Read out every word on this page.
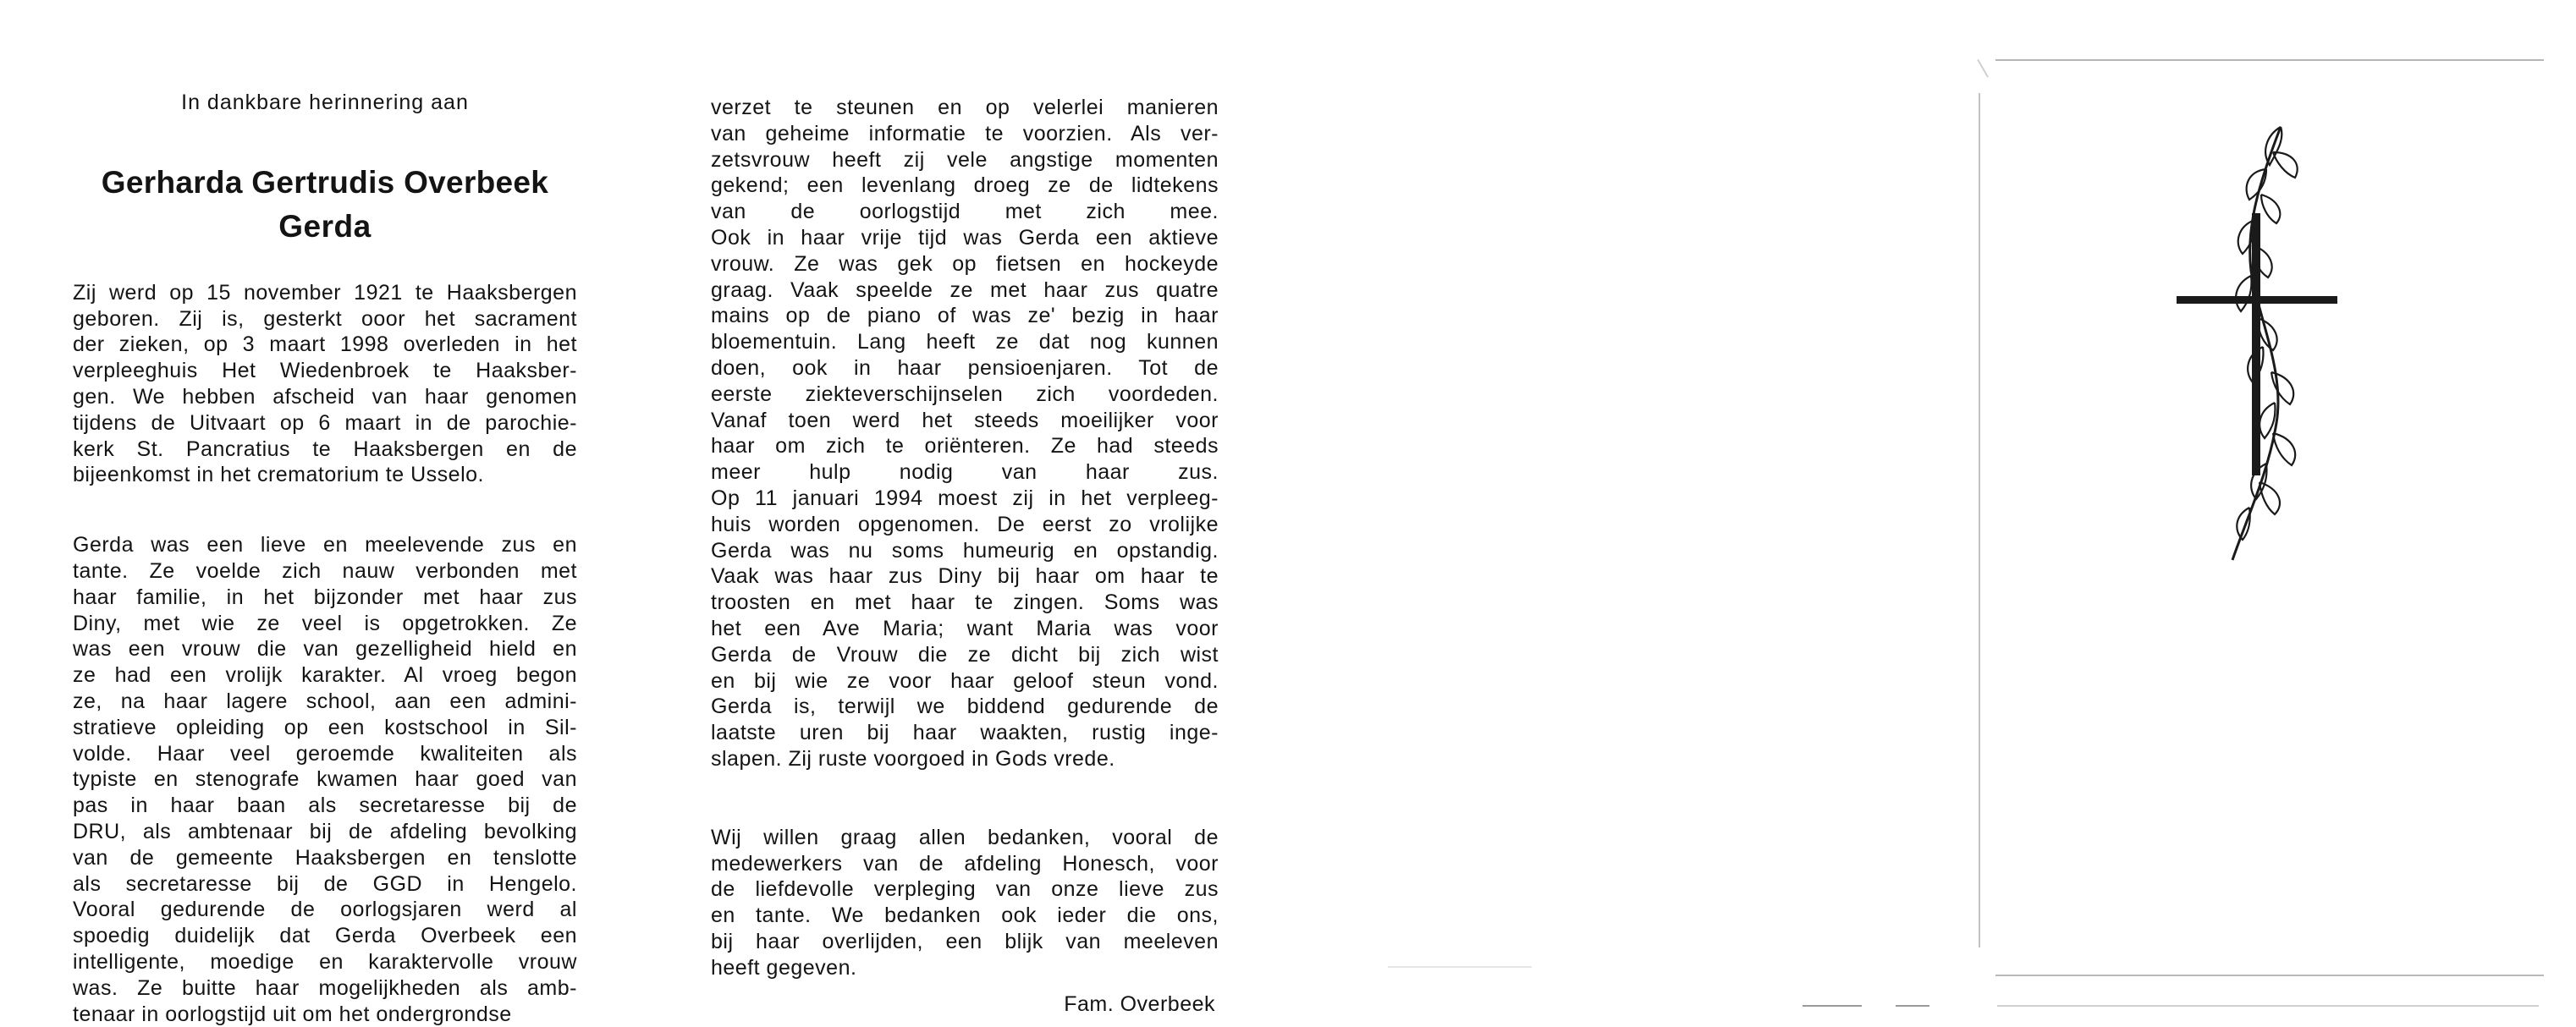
In dankbare herinnering aan

Gerharda Gertrudis Overbeek

Gerda

Zij werd op 15 november 1921 te Haaksbergen
geboren. Zij is, gesterkt ooor het sacrament
der zieken, op 3 maart 1998 overleden in het
verpleeghuis Het Wiedenbroek te Haaksber-
gen. We hebben afscheid van haar genomen
tijdens de Uitvaart op 6 maart in de parochie-
kerk St. Pancratius te Haaksbergen en de
bijeenkomst in het crematorium te Usselo.
Gerda was een lieve en meelevende zus en
tante. Ze voelde zich nauw verbonden met
haar familie, in het bijzonder met haar zus
Diny, met wie ze veel is opgetrokken. Ze
was een vrouw die van gezelligheid hield en
ze had een vrolijk karakter. Al vroeg begon
ze, na haar lagere school, aan een admini-
stratieve opleiding op een kostschool in Sil-
volde. Haar veel geroemde kwaliteiten als
typiste en stenografe kwamen haar goed van
pas in haar baan als secretaresse bij de
DRU, als ambtenaar bij de afdeling bevolking
van de gemeente Haaksbergen en tenslotte
als secretaresse bij de GGD in Hengelo.
Vooral gedurende de oorlogsjaren werd al
spoedig duidelijk dat Gerda Overbeek een
intelligente, moedige en karaktervolle vrouw
was. Ze buitte haar mogelijkheden als amb-
tenaar in oorlogstijd uit om het ondergrondse
verzet te steunen en op velerlei manieren
van geheime informatie te voorzien. Als ver-
zetsvrouw heeft zij vele angstige momenten
gekend; een levenlang droeg ze de lidtekens
van de oorlogstijd met zich mee.
Ook in haar vrije tijd was Gerda een aktieve
vrouw. Ze was gek op fietsen en hockeyde
graag. Vaak speelde ze met haar zus quatre
mains op de piano of was ze' bezig in haar
bloementuin. Lang heeft ze dat nog kunnen
doen, ook in haar pensioenjaren. Tot de
eerste ziekteverschijnselen zich voordeden.
Vanaf toen werd het steeds moeilijker voor
haar om zich te oriënteren. Ze had steeds
meer hulp nodig van haar zus.
Op 11 januari 1994 moest zij in het verpleeg-
huis worden opgenomen. De eerst zo vrolijke
Gerda was nu soms humeurig en opstandig.
Vaak was haar zus Diny bij haar om haar te
troosten en met haar te zingen. Soms was
het een Ave Maria; want Maria was voor
Gerda de Vrouw die ze dicht bij zich wist
en bij wie ze voor haar geloof steun vond.
Gerda is, terwijl we biddend gedurende de
laatste uren bij haar waakten, rustig inge-
slapen. Zij ruste voorgoed in Gods vrede.
Wij willen graag allen bedanken, vooral de
medewerkers van de afdeling Honesch, voor
de liefdevolle verpleging van onze lieve zus
en tante. We bedanken ook ieder die ons,
bij haar overlijden, een blijk van meeleven
heeft gegeven.

Fam. Overbeek
